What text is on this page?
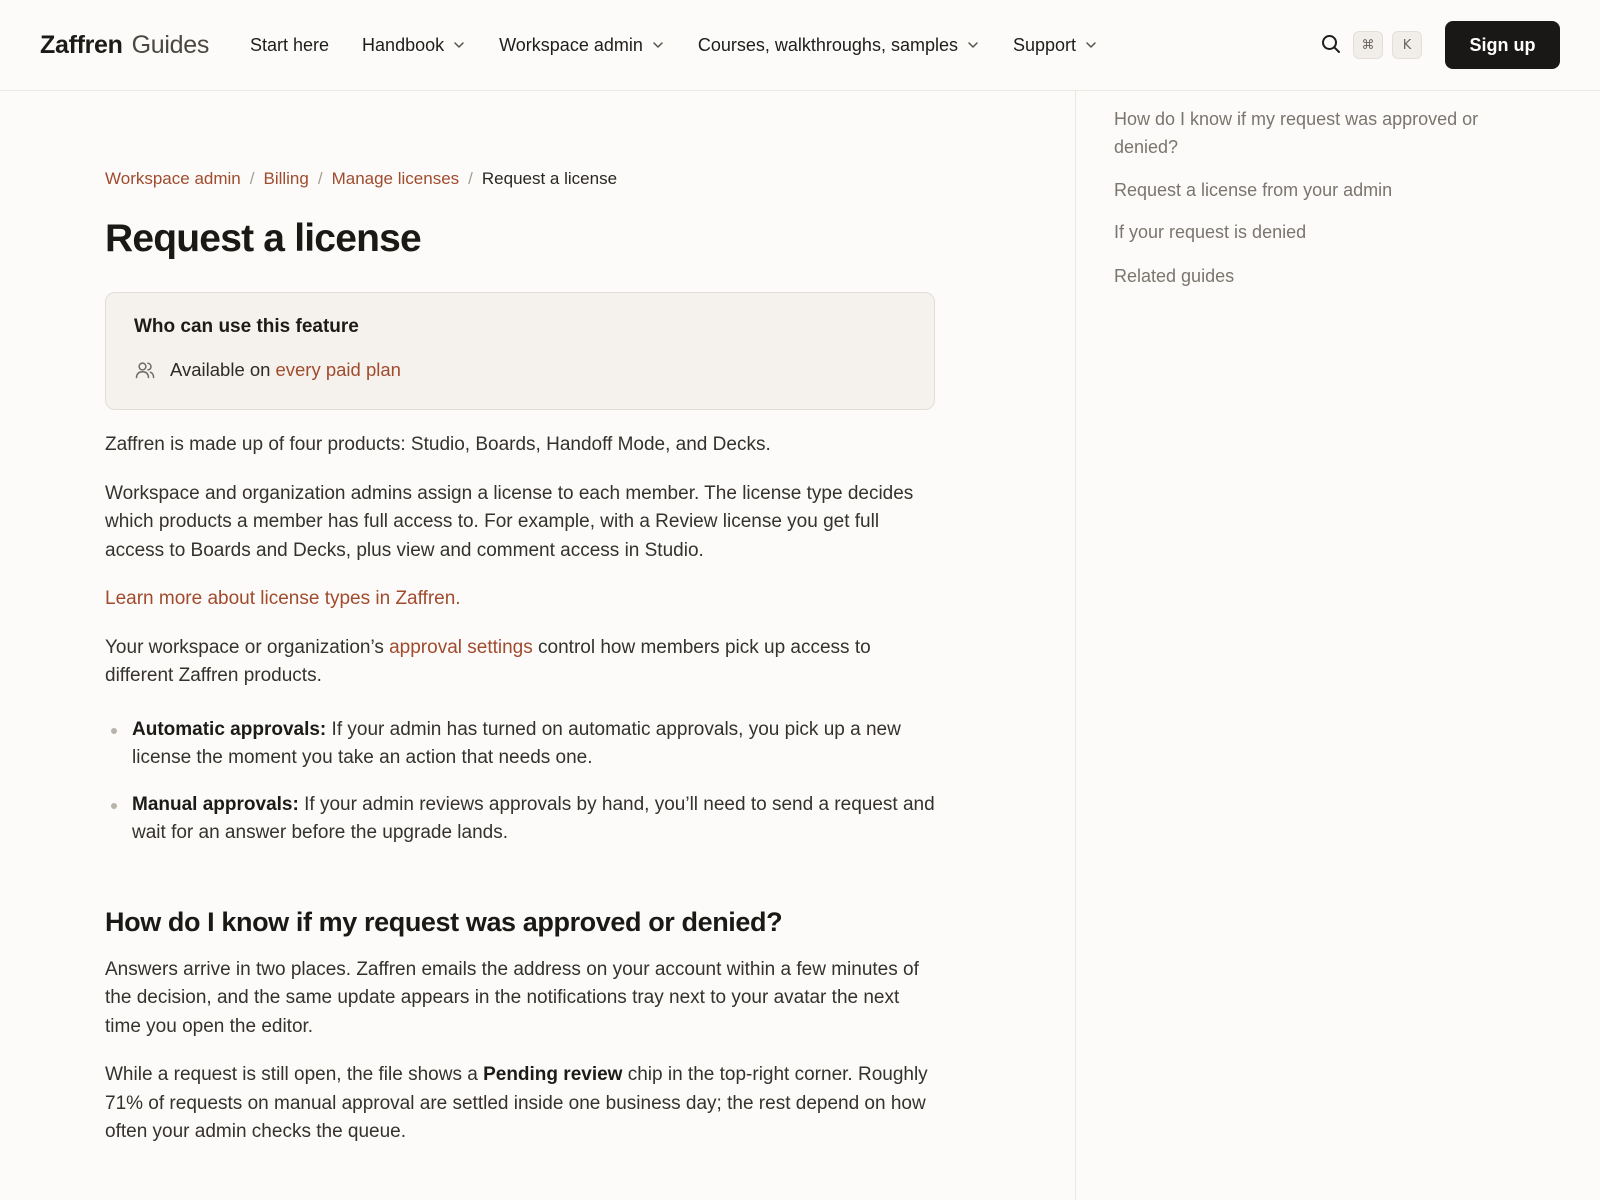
Zaffren Guides Start here Handbook	Workspace admin	Courses, walkthroughs, samples	Support	⌘	K	Sign up
How do I know if my request was approved or denied?
Request a license from your admin
If your request is denied
Related guides
Workspace admin / Billing / Manage licenses / Request a license
Request a license
Who can use this feature
Available on every paid plan

Zaffren is made up of four products: Studio, Boards, Handoff Mode, and Decks.

Workspace and organization admins assign a license to each member. The license type decides which products a member has full access to. For example, with a Review license you get full access to Boards and Decks, plus view and comment access in Studio.

Learn more about license types in Zaffren.

Your workspace or organization’s approval settings control how members pick up access to different Zaffren products.

Automatic approvals: If your admin has turned on automatic approvals, you pick up a new license the moment you take an action that needs one.
Manual approvals: If your admin reviews approvals by hand, you’ll need to send a request and wait for an answer before the upgrade lands.
How do I know if my request was approved or denied?

Answers arrive in two places. Zaffren emails the address on your account within a few minutes of the decision, and the same update appears in the notifications tray next to your avatar the next time you open the editor.

While a request is still open, the file shows a Pending review chip in the top-right corner. Roughly 71% of requests on manual approval are settled inside one business day; the rest depend on how often your admin checks the queue.
